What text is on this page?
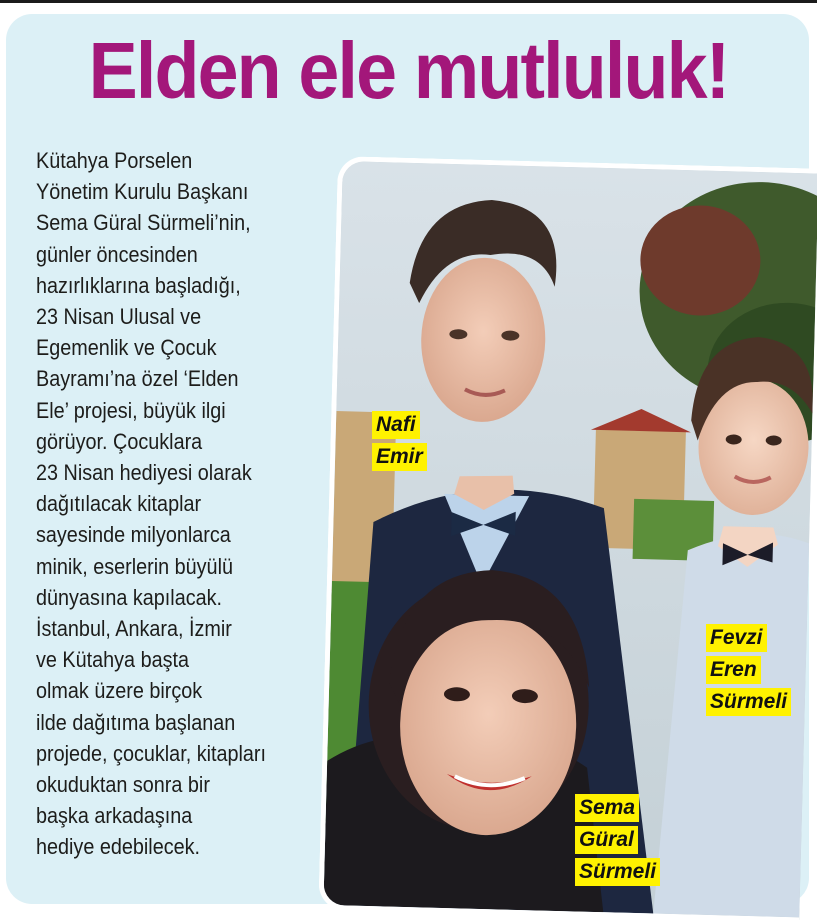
Elden ele mutluluk!

Kütahya Porselen
Yönetim Kurulu Başkanı
Sema Güral Sürmeli’nin,
günler öncesinden
hazırlıklarına başladığı,
23 Nisan Ulusal ve
Egemenlik ve Çocuk
Bayramı’na özel ‘Elden
Ele’ projesi, büyük ilgi
görüyor. Çocuklara
23 Nisan hediyesi olarak
dağıtılacak kitaplar
sayesinde milyonlarca
minik, eserlerin büyülü
dünyasına kapılacak.
İstanbul, Ankara, İzmir
ve Kütahya başta
olmak üzere birçok
ilde dağıtıma başlanan
projede, çocuklar, kitapları
okuduktan sonra bir
başka arkadaşına
hediye edebilecek.

Nafi
Emir
Fevzi
Eren
Sürmeli
Sema
Güral
Sürmeli
